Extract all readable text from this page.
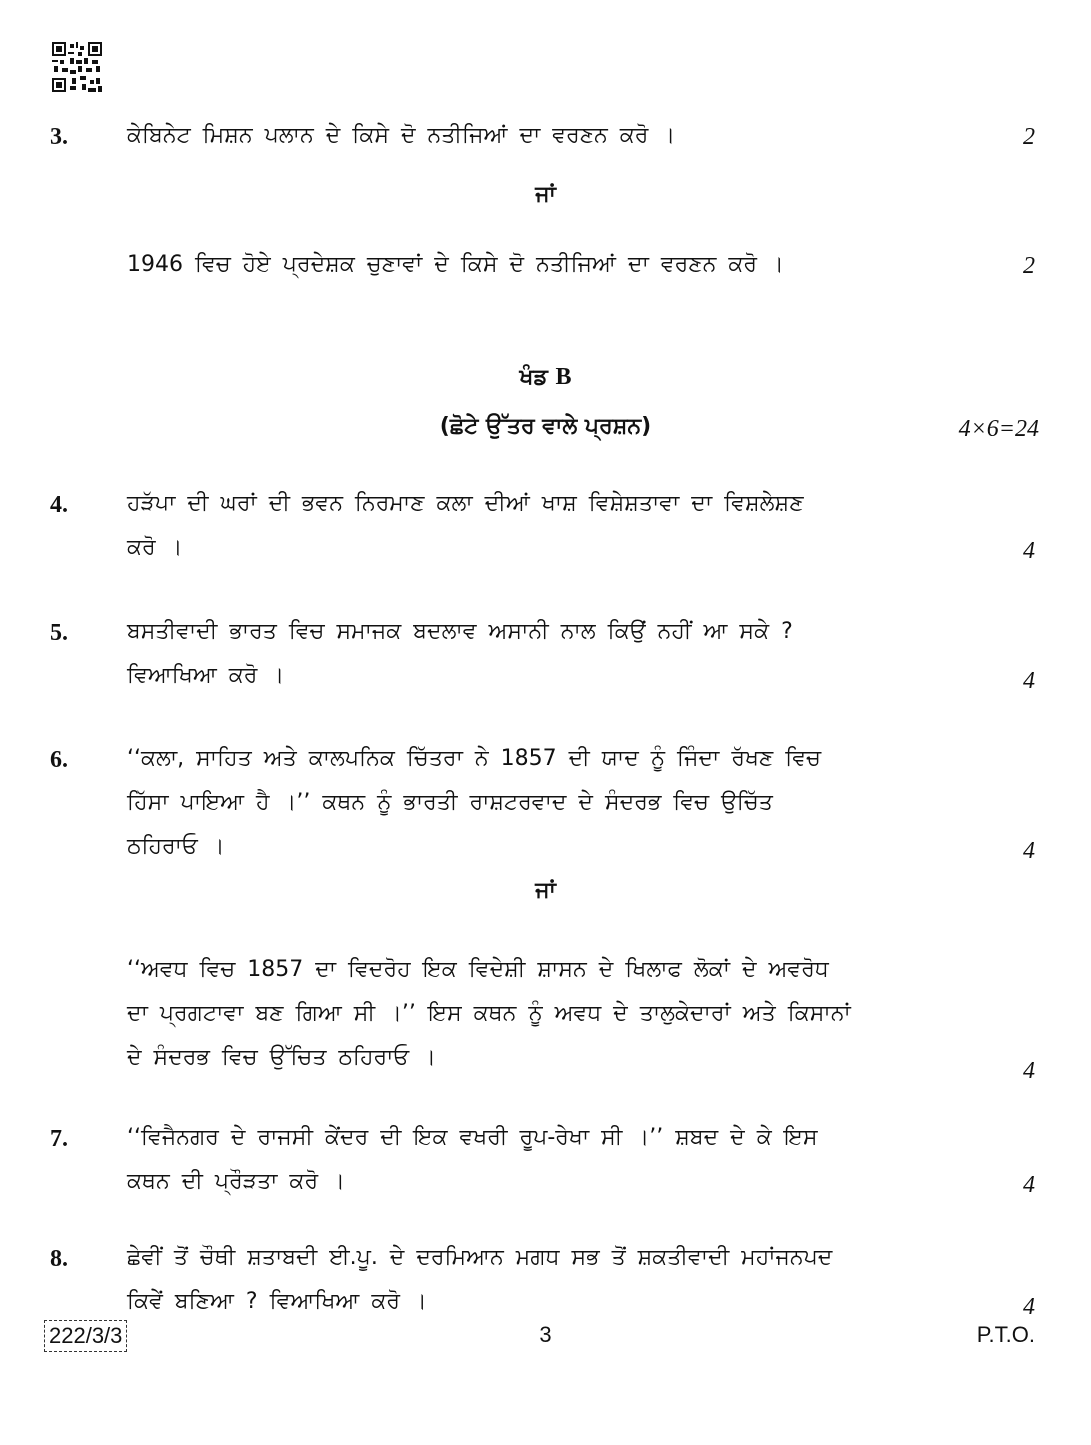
3.	ਕੇਬਿਨੇਟ ਮਿਸ਼ਨ ਪਲਾਨ ਦੇ ਕਿਸੇ ਦੋ ਨਤੀਜਿਆਂ ਦਾ ਵਰਣਨ ਕਰੋ ।	2
ਜਾਂ
1946 ਵਿਚ ਹੋਏ ਪ੍ਰਦੇਸ਼ਕ ਚੁਣਾਵਾਂ ਦੇ ਕਿਸੇ ਦੋ ਨਤੀਜਿਆਂ ਦਾ ਵਰਣਨ ਕਰੋ ।	2
ਖੰਡ B
(ਛੋਟੇ ਉੱਤਰ ਵਾਲੇ ਪ੍ਰਸ਼ਨ)	4×6=24
4.	ਹੜੱਪਾ ਦੀ ਘਰਾਂ ਦੀ ਭਵਨ ਨਿਰਮਾਣ ਕਲਾ ਦੀਆਂ ਖਾਸ਼ ਵਿਸ਼ੇਸ਼ਤਾਵਾ ਦਾ ਵਿਸ਼ਲੇਸ਼ਣ
ਕਰੋ ।	4
5.	ਬਸਤੀਵਾਦੀ ਭਾਰਤ ਵਿਚ ਸਮਾਜਕ ਬਦਲਾਵ ਅਸਾਨੀ ਨਾਲ ਕਿਉਂ ਨਹੀਂ ਆ ਸਕੇ ?
ਵਿਆਖਿਆ ਕਰੋ ।	4
6.	‘‘ਕਲਾ, ਸਾਹਿਤ ਅਤੇ ਕਾਲਪਨਿਕ ਚਿੱਤਰਾ ਨੇ 1857 ਦੀ ਯਾਦ ਨੂੰ ਜਿੰਦਾ ਰੱਖਣ ਵਿਚ
ਹਿੱਸਾ ਪਾਇਆ ਹੈ ।’’ ਕਥਨ ਨੂੰ ਭਾਰਤੀ ਰਾਸ਼ਟਰਵਾਦ ਦੇ ਸੰਦਰਭ ਵਿਚ ਉਚਿੱਤ
ਠਹਿਰਾਓ ।	4
ਜਾਂ
‘‘ਅਵਧ ਵਿਚ 1857 ਦਾ ਵਿਦਰੋਹ ਇਕ ਵਿਦੇਸ਼ੀ ਸ਼ਾਸਨ ਦੇ ਖਿਲਾਫ ਲੋਕਾਂ ਦੇ ਅਵਰੋਧ
ਦਾ ਪ੍ਰਗਟਾਵਾ ਬਣ ਗਿਆ ਸੀ ।’’ ਇਸ ਕਥਨ ਨੂੰ ਅਵਧ ਦੇ ਤਾਲੁਕੇਦਾਰਾਂ ਅਤੇ ਕਿਸਾਨਾਂ
ਦੇ ਸੰਦਰਭ ਵਿਚ ਉੱਚਿਤ ਠਹਿਰਾਓ ।
4
7.	‘‘ਵਿਜੈਨਗਰ ਦੇ ਰਾਜਸੀ ਕੇਂਦਰ ਦੀ ਇਕ ਵਖਰੀ ਰੂਪ-ਰੇਖਾ ਸੀ ।’’ ਸ਼ਬਦ ਦੇ ਕੇ ਇਸ
ਕਥਨ ਦੀ ਪ੍ਰੌੜਤਾ ਕਰੋ ।	4
8.	ਛੇਵੀਂ ਤੋਂ ਚੌਥੀ ਸ਼ਤਾਬਦੀ ਈ.ਪੂ. ਦੇ ਦਰਮਿਆਨ ਮਗਧ ਸਭ ਤੋਂ ਸ਼ਕਤੀਵਾਦੀ ਮਹਾਂਜਨਪਦ
ਕਿਵੇਂ ਬਣਿਆ ? ਵਿਆਖਿਆ ਕਰੋ ।	4
222/3/3	3	P.T.O.
